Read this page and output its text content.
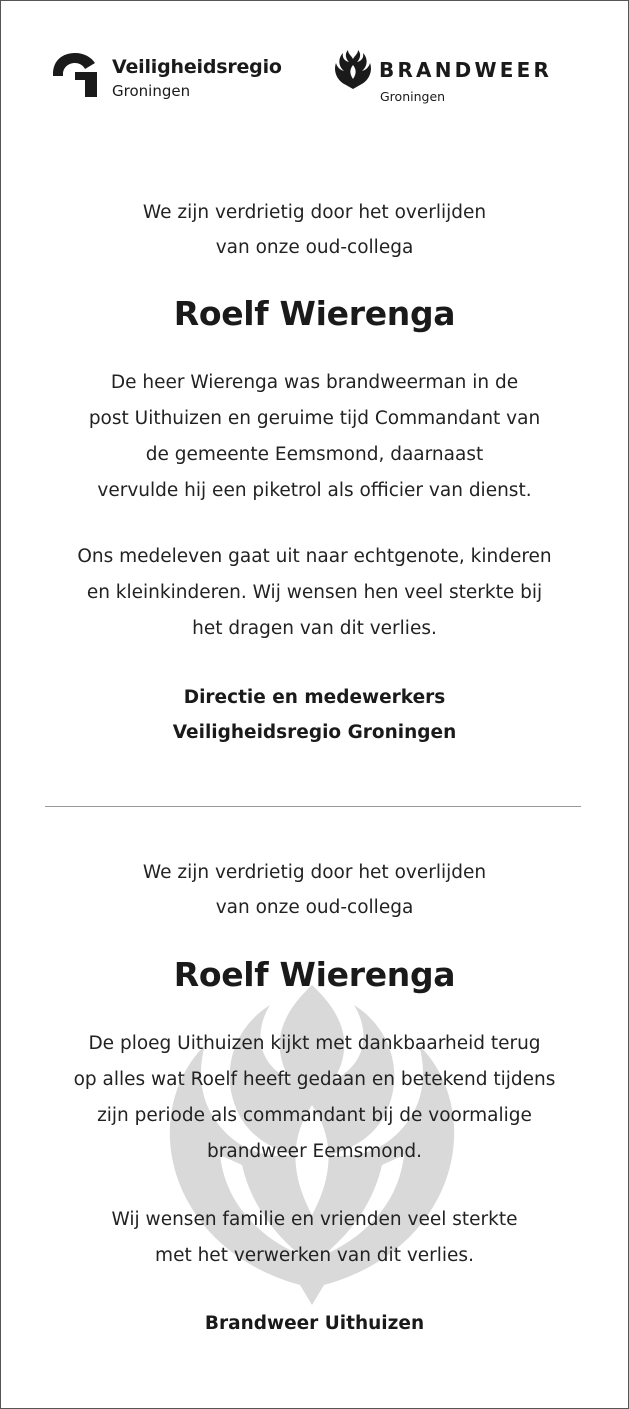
Veiligheidsregio
Groningen
BRANDWEER
Groningen
We zijn verdrietig door het overlijden
van onze oud-collega
Roelf Wierenga
De heer Wierenga was brandweerman in de
post Uithuizen en geruime tijd Commandant van
de gemeente Eemsmond, daarnaast
vervulde hij een piketrol als officier van dienst.
Ons medeleven gaat uit naar echtgenote, kinderen
en kleinkinderen. Wij wensen hen veel sterkte bij
het dragen van dit verlies.
Directie en medewerkers
Veiligheidsregio Groningen
We zijn verdrietig door het overlijden
van onze oud-collega
Roelf Wierenga
De ploeg Uithuizen kijkt met dankbaarheid terug
op alles wat Roelf heeft gedaan en betekend tijdens
zijn periode als commandant bij de voormalige
brandweer Eemsmond.
Wij wensen familie en vrienden veel sterkte
met het verwerken van dit verlies.
Brandweer Uithuizen
